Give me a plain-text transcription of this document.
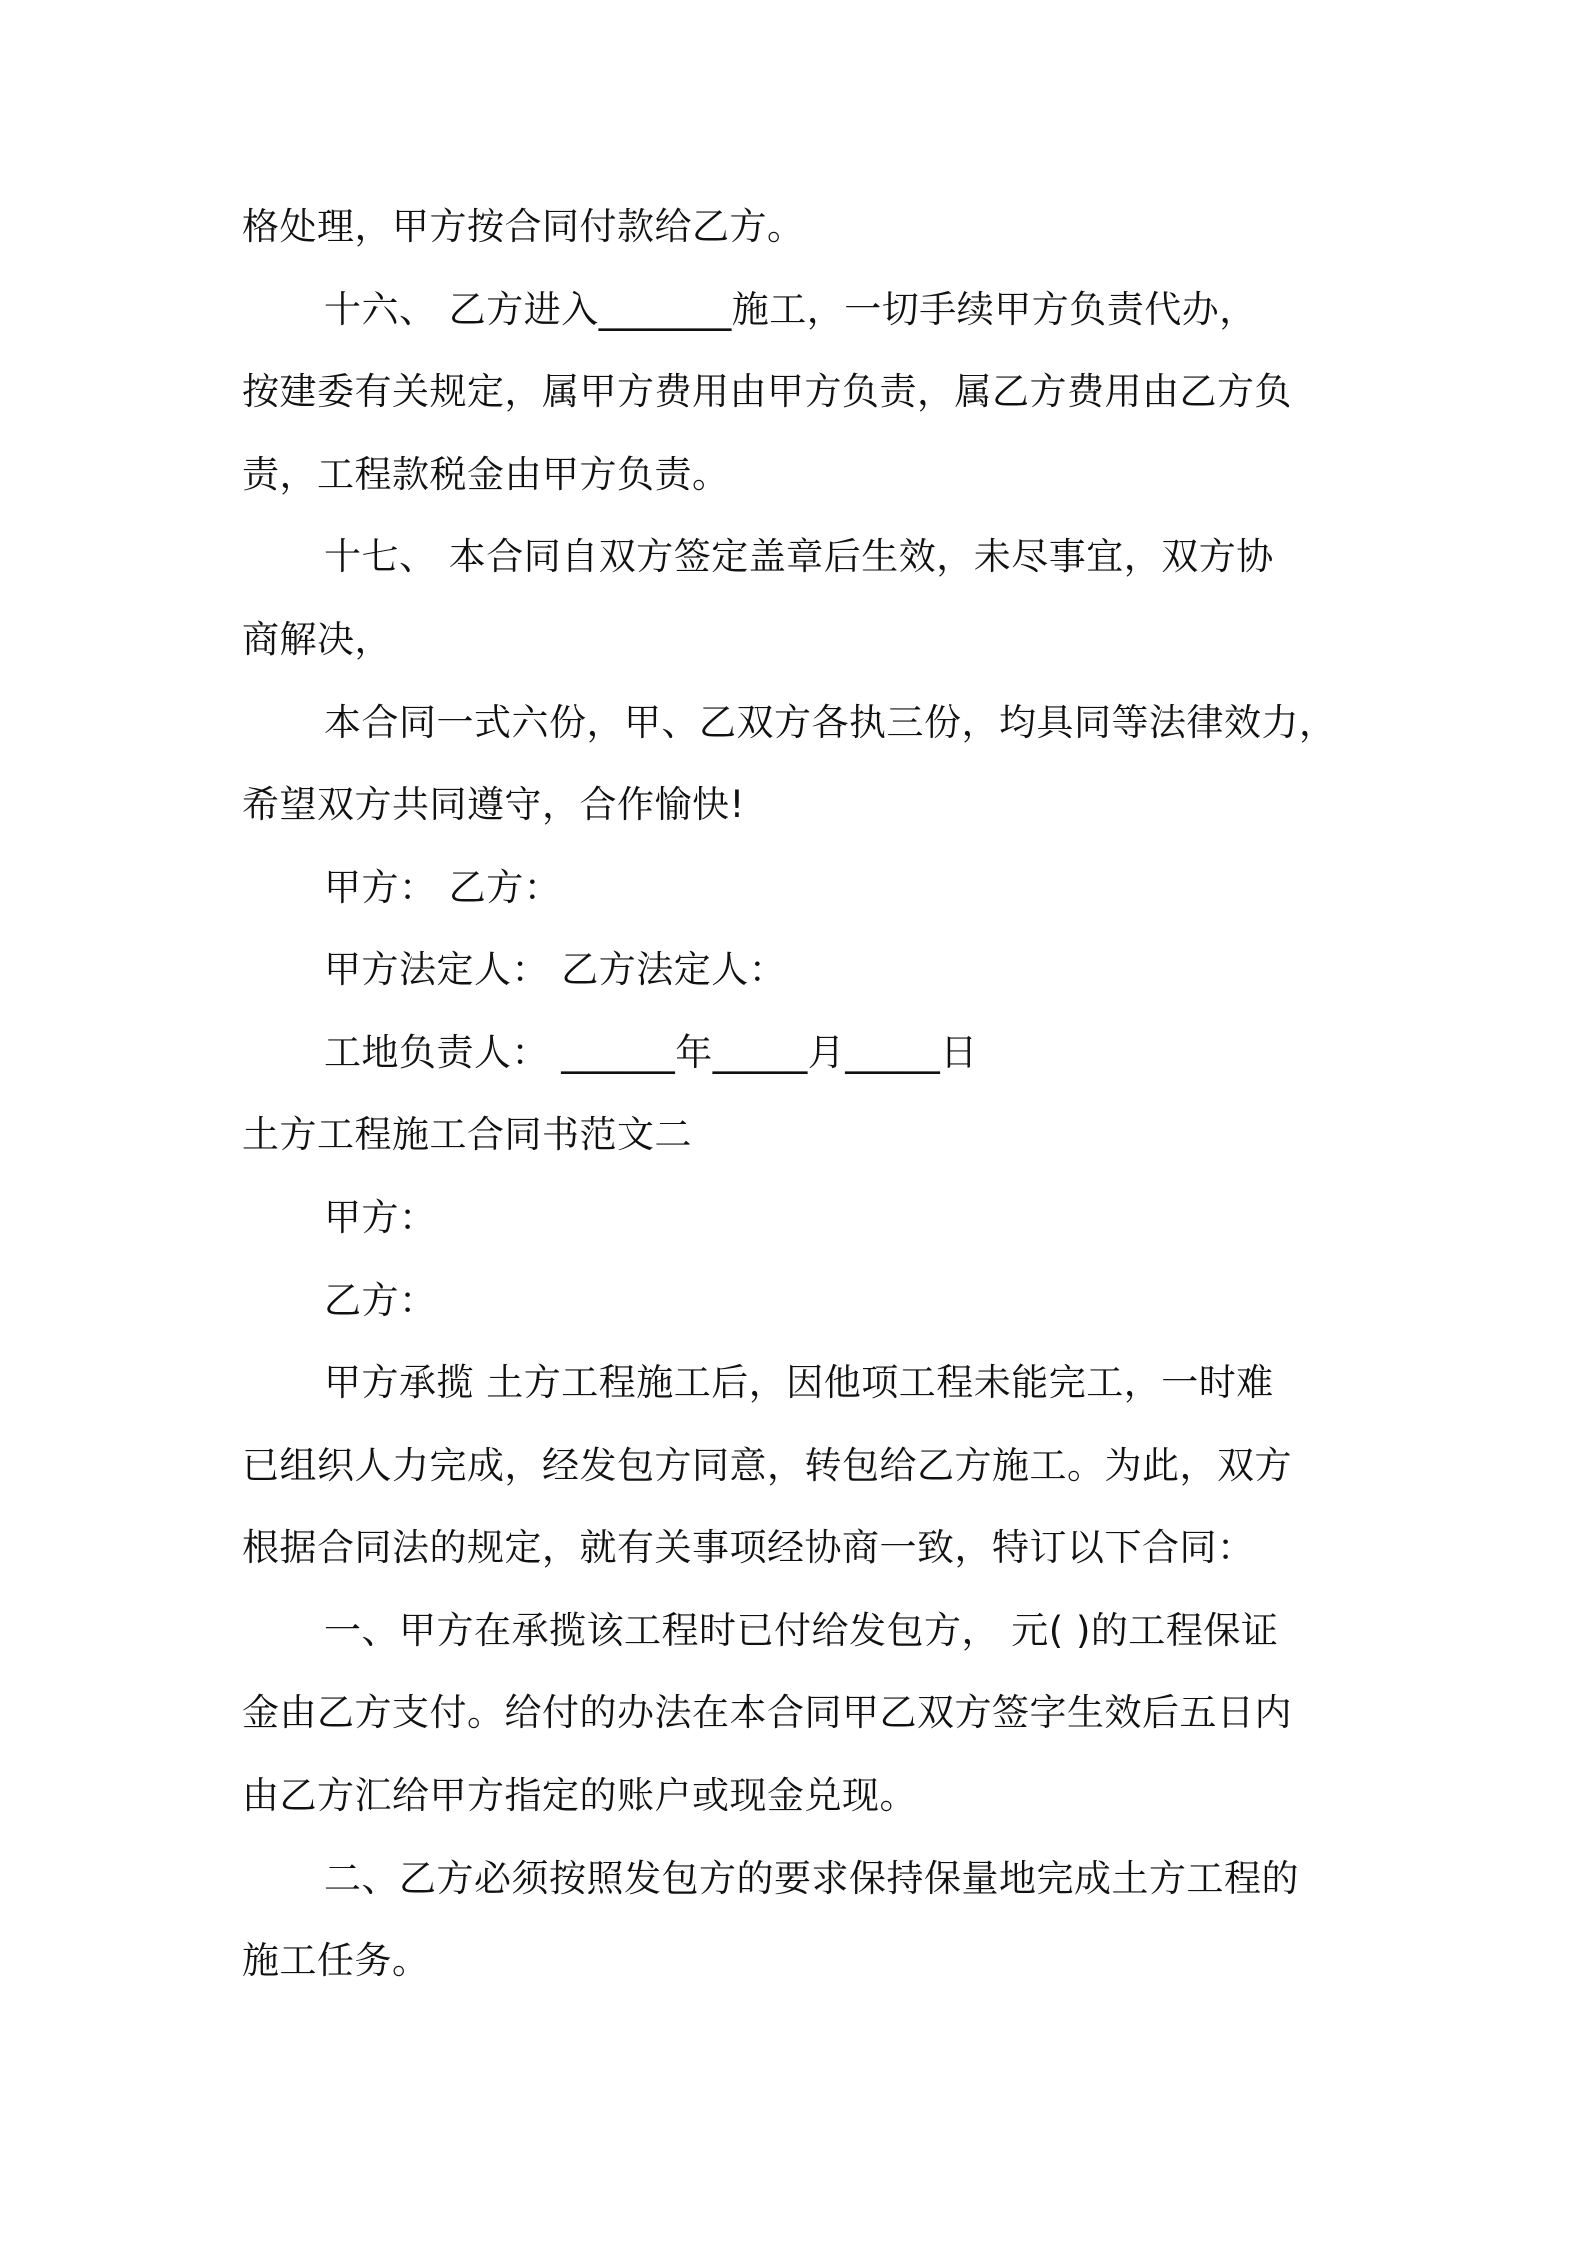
格处理，甲方按合同付款给乙方。
十六、 乙方进入_______施工，一切手续甲方负责代办，
按建委有关规定，属甲方费用由甲方负责，属乙方费用由乙方负
责，工程款税金由甲方负责。
十七、 本合同自双方签定盖章后生效，未尽事宜，双方协
商解决，
本合同一式六份，甲、乙双方各执三份，均具同等法律效力，
希望双方共同遵守，合作愉快!
甲方： 乙方：
甲方法定人： 乙方法定人：
工地负责人： ______年_____月_____日
土方工程施工合同书范文二
甲方：
乙方：
甲方承揽 土方工程施工后，因他项工程未能完工，一时难
已组织人力完成，经发包方同意，转包给乙方施工。为此，双方
根据合同法的规定，就有关事项经协商一致，特订以下合同：
一、甲方在承揽该工程时已付给发包方， 元( )的工程保证
金由乙方支付。给付的办法在本合同甲乙双方签字生效后五日内
由乙方汇给甲方指定的账户或现金兑现。
二、乙方必须按照发包方的要求保持保量地完成土方工程的
施工任务。
